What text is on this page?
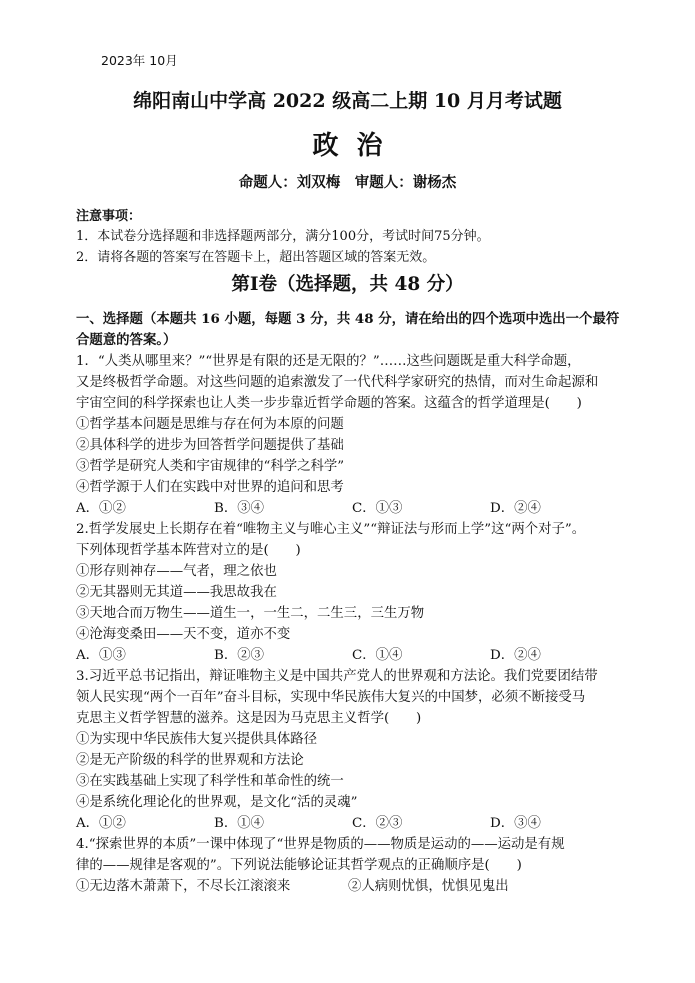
2023年 10月
绵阳南山中学高 2022 级高二上期 10 月月考试题
政治
命题人：刘双梅　审题人：谢杨杰
注意事项：
1．本试卷分选择题和非选择题两部分，满分100分，考试时间75分钟。
2．请将各题的答案写在答题卡上，超出答题区域的答案无效。
第Ⅰ卷（选择题，共 48 分）
一、选择题（本题共 16 小题，每题 3 分，共 48 分，请在给出的四个选项中选出一个最符
合题意的答案。）
1．“人类从哪里来？”“世界是有限的还是无限的？”……这些问题既是重大科学命题，
又是终极哲学命题。对这些问题的追索激发了一代代科学家研究的热情，而对生命起源和
宇宙空间的科学探索也让人类一步步靠近哲学命题的答案。这蕴含的哲学道理是(　　)
①哲学基本问题是思维与存在何为本原的问题
②具体科学的进步为回答哲学问题提供了基础
③哲学是研究人类和宇宙规律的“科学之科学”
④哲学源于人们在实践中对世界的追问和思考
A．①②	B．③④	C．①③	D．②④
2.哲学发展史上长期存在着“唯物主义与唯心主义”“辩证法与形而上学”这“两个对子”。
下列体现哲学基本阵营对立的是(　　)
①形存则神存——气者，理之依也
②无其器则无其道——我思故我在
③天地合而万物生——道生一，一生二，二生三，三生万物
④沧海变桑田——天不变，道亦不变
A．①③	B．②③	C．①④	D．②④
3.习近平总书记指出，辩证唯物主义是中国共产党人的世界观和方法论。我们党要团结带
领人民实现“两个一百年”奋斗目标，实现中华民族伟大复兴的中国梦，必须不断接受马
克思主义哲学智慧的滋养。这是因为马克思主义哲学(　　)
①为实现中华民族伟大复兴提供具体路径
②是无产阶级的科学的世界观和方法论
③在实践基础上实现了科学性和革命性的统一
④是系统化理论化的世界观，是文化“活的灵魂”
A．①②	B．①④	C．②③	D．③④
4.“探索世界的本质”一课中体现了“世界是物质的——物质是运动的——运动是有规
律的——规律是客观的”。下列说法能够论证其哲学观点的正确顺序是(　　)
①无边落木萧萧下，不尽长江滚滚来	②人病则忧惧，忧惧见鬼出
